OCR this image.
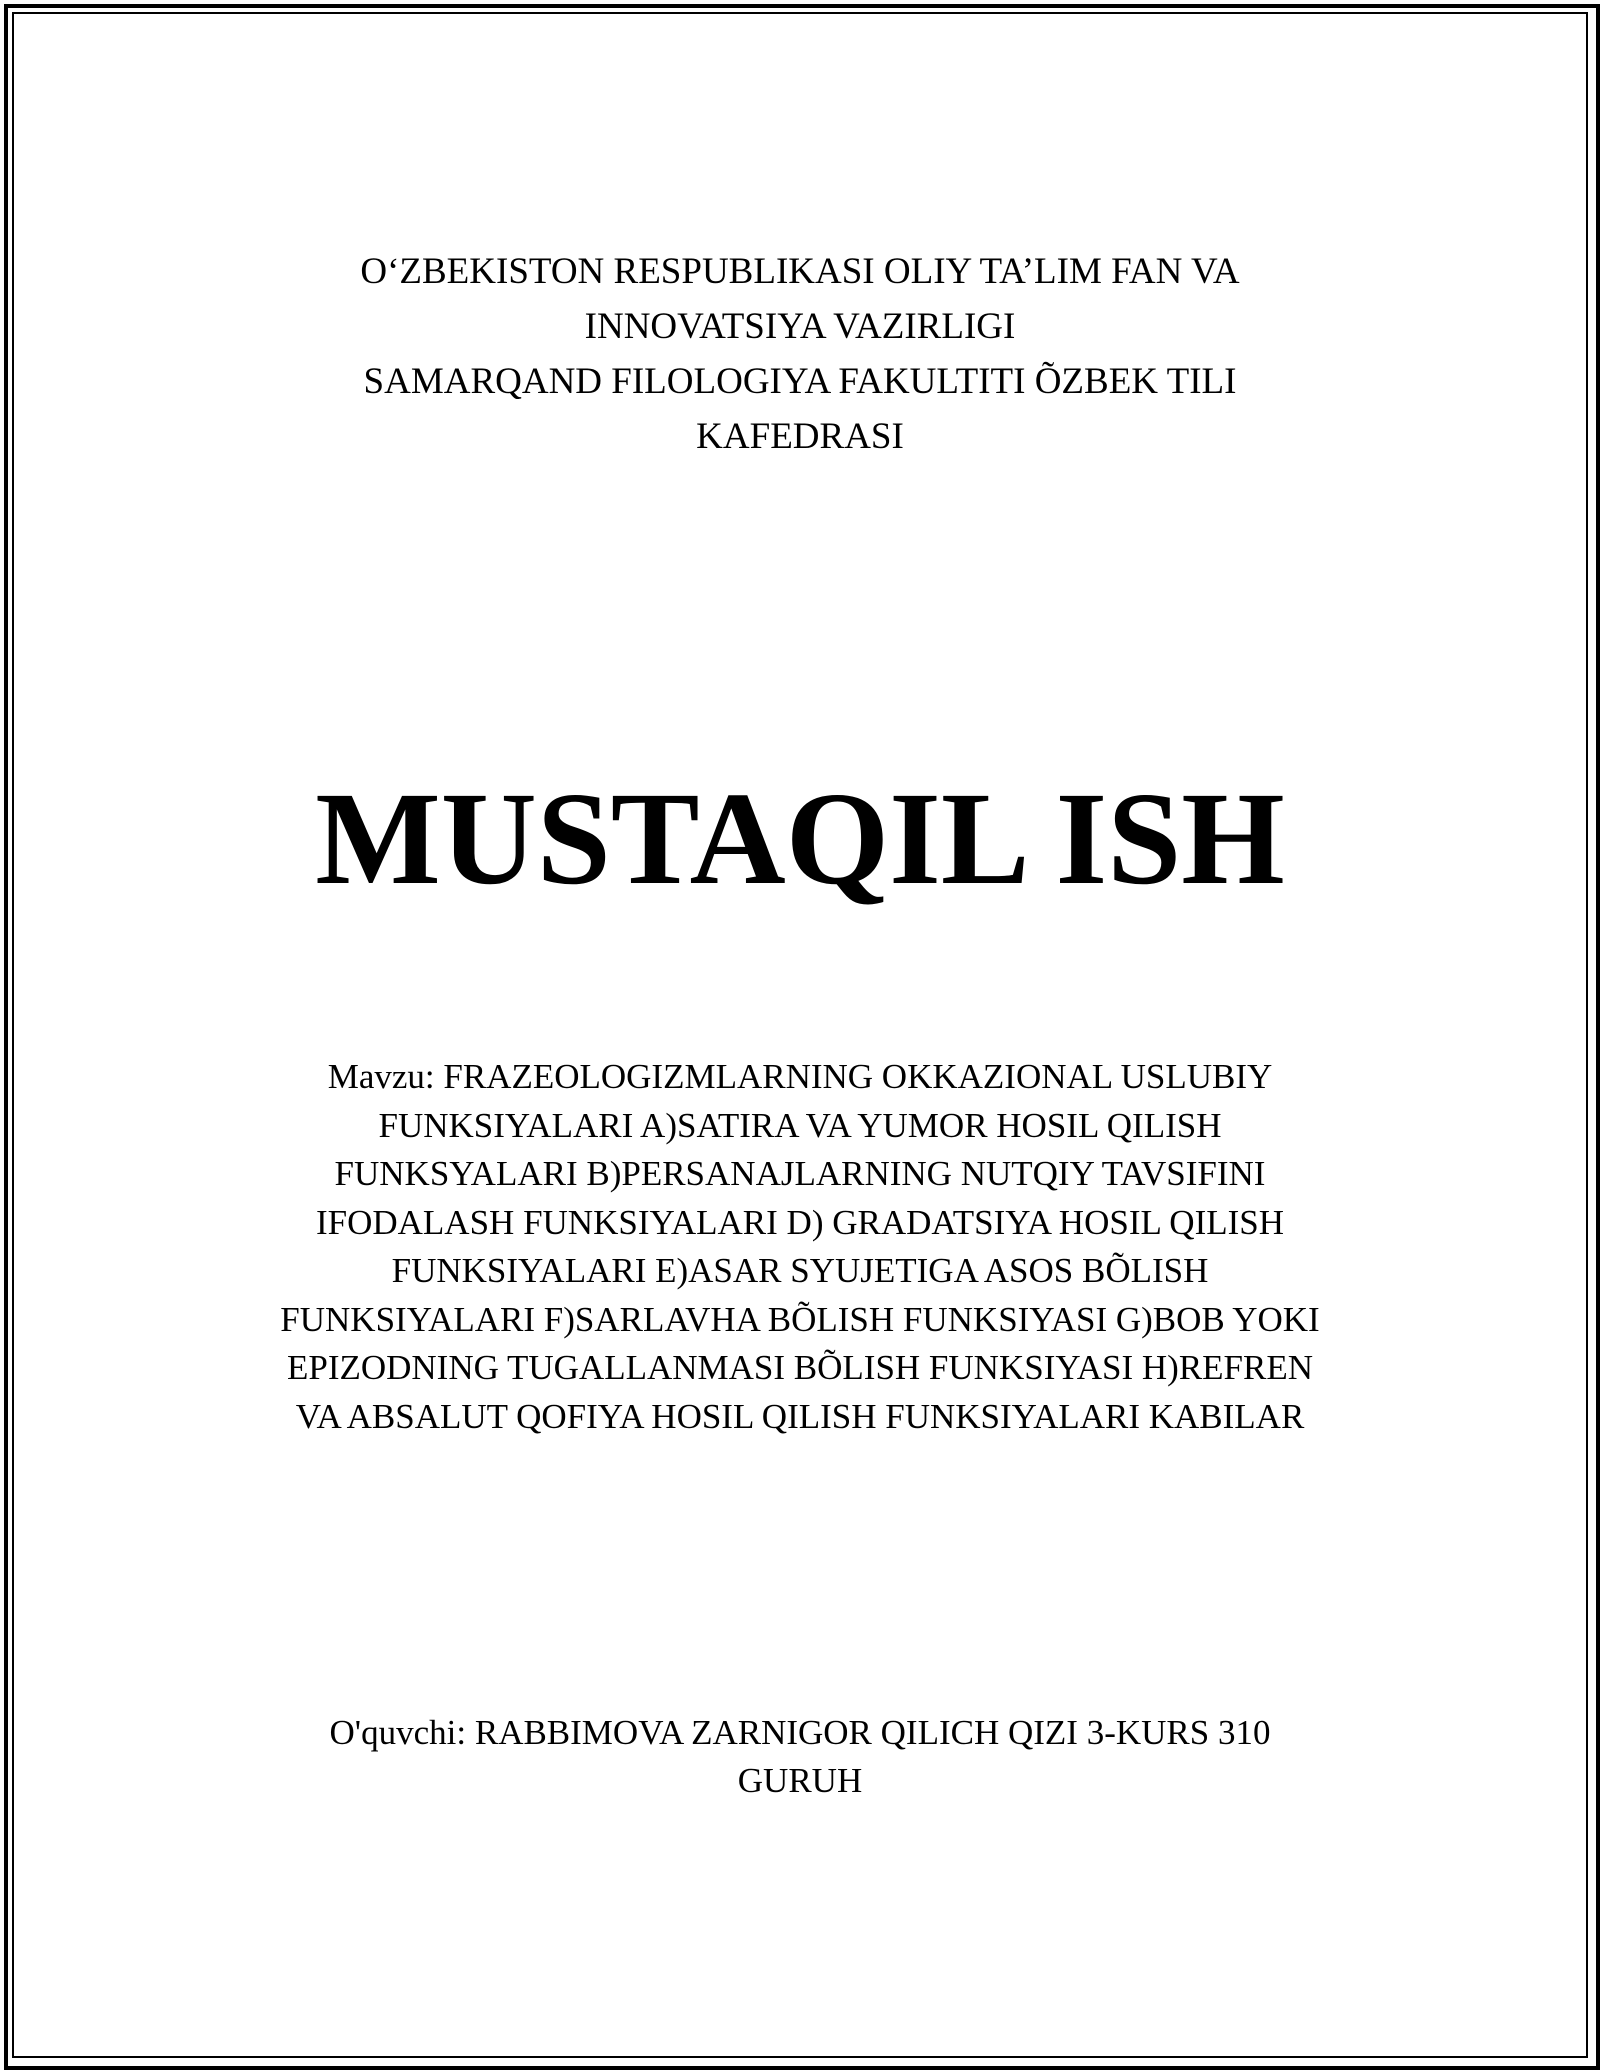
O‘ZBEKISTON RESPUBLIKASI OLIY TA’LIM FAN VA
INNOVATSIYA VAZIRLIGI
SAMARQAND FILOLOGIYA FAKULTITI ÕZBEK TILI
KAFEDRASI
MUSTAQIL ISH
Mavzu: FRAZEOLOGIZMLARNING OKKAZIONAL USLUBIY
FUNKSIYALARI A)SATIRA VA YUMOR HOSIL QILISH
FUNKSYALARI B)PERSANAJLARNING NUTQIY TAVSIFINI
IFODALASH FUNKSIYALARI D) GRADATSIYA HOSIL QILISH
FUNKSIYALARI E)ASAR SYUJETIGA ASOS BÕLISH
FUNKSIYALARI F)SARLAVHA BÕLISH FUNKSIYASI G)BOB YOKI
EPIZODNING TUGALLANMASI BÕLISH FUNKSIYASI H)REFREN
VA ABSALUT QOFIYA HOSIL QILISH FUNKSIYALARI KABILAR
O'quvchi: RABBIMOVA ZARNIGOR QILICH QIZI 3-KURS 310
GURUH
